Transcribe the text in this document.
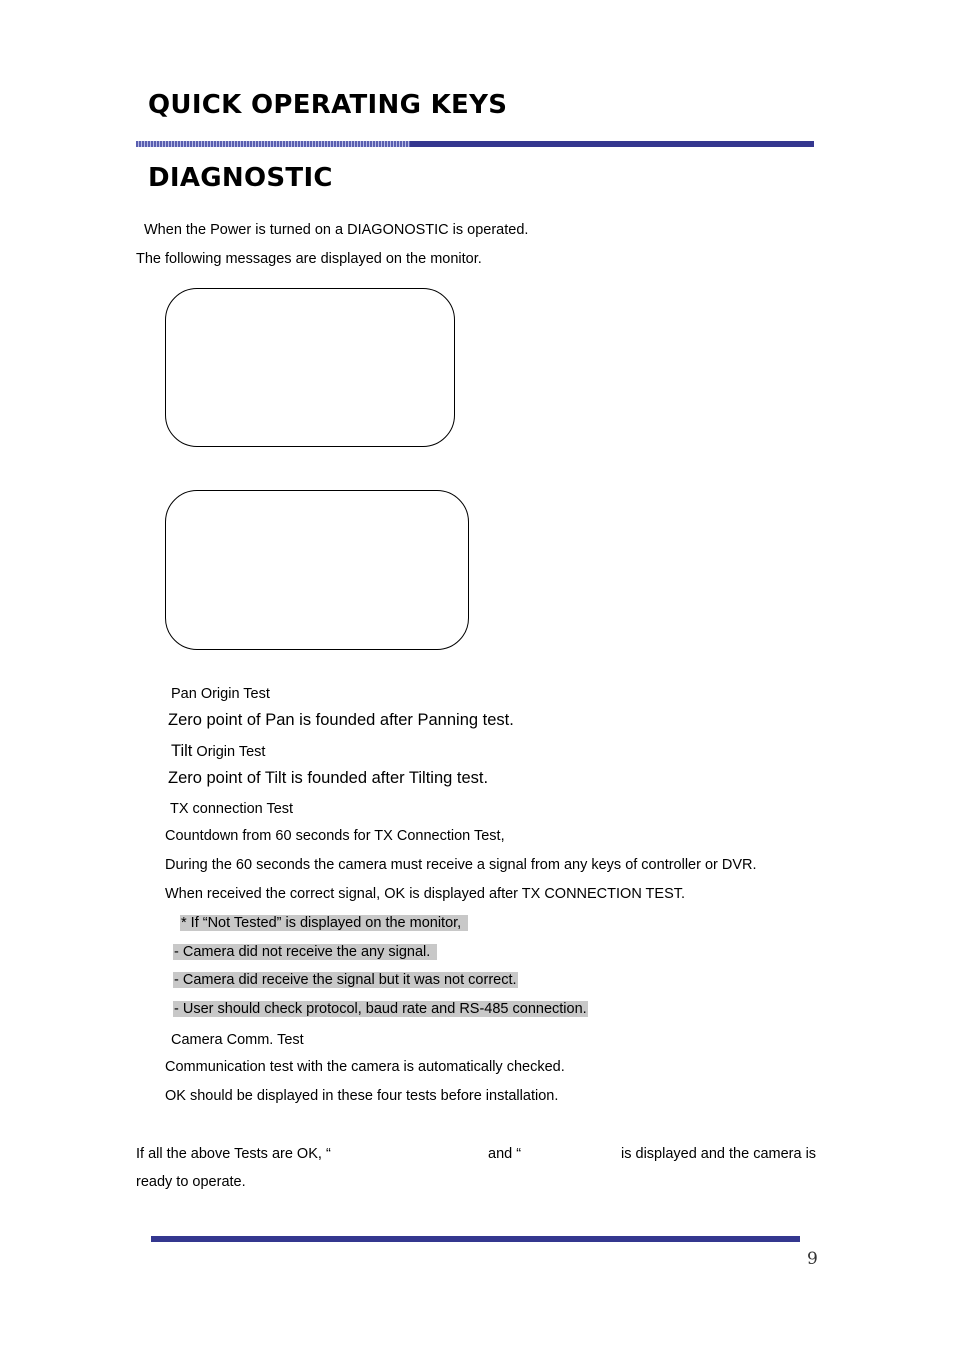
QUICK OPERATING KEYS
DIAGNOSTIC
When the Power is turned on a DIAGONOSTIC is operated.
The following messages are displayed on the monitor.
Pan Origin Test
Zero point of Pan is founded after Panning test.
Tilt Origin Test
Zero point of Tilt is founded after Tilting test.
TX connection Test
Countdown from 60 seconds for TX Connection Test,
During the 60 seconds the camera must receive a signal from any keys of controller or DVR.
When received the correct signal, OK is displayed after TX CONNECTION TEST.
* If “Not Tested” is displayed on the monitor,
- Camera did not receive the any signal.
- Camera did receive the signal but it was not correct.
- User should check protocol, baud rate and RS-485 connection.
Camera Comm. Test
Communication test with the camera is automatically checked.
OK should be displayed in these four tests before installation.
If all the above Tests are OK, “	and “	is displayed and the camera is
ready to operate.
9
